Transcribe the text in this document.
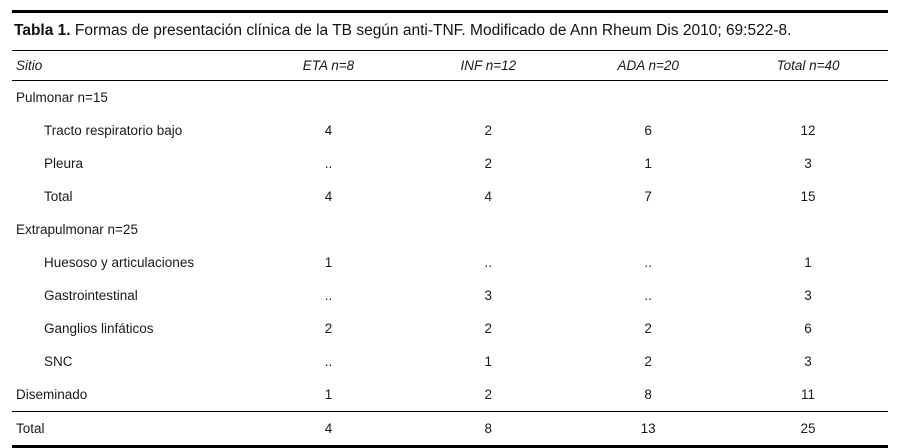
Tabla 1. Formas de presentación clínica de la TB según anti-TNF. Modificado de Ann Rheum Dis 2010; 69:522-8.
Sitio	ETA n=8	INF n=12	ADA n=20	Total n=40
Pulmonar n=15				
Tracto respiratorio bajo	4	2	6	12
Pleura	..	2	1	3
Total	4	4	7	15
Extrapulmonar n=25				
Huesoso y articulaciones	1	..	..	1
Gastrointestinal	..	3	..	3
Ganglios linfáticos	2	2	2	6
SNC	..	1	2	3
Diseminado	1	2	8	11
Total	4	8	13	25
